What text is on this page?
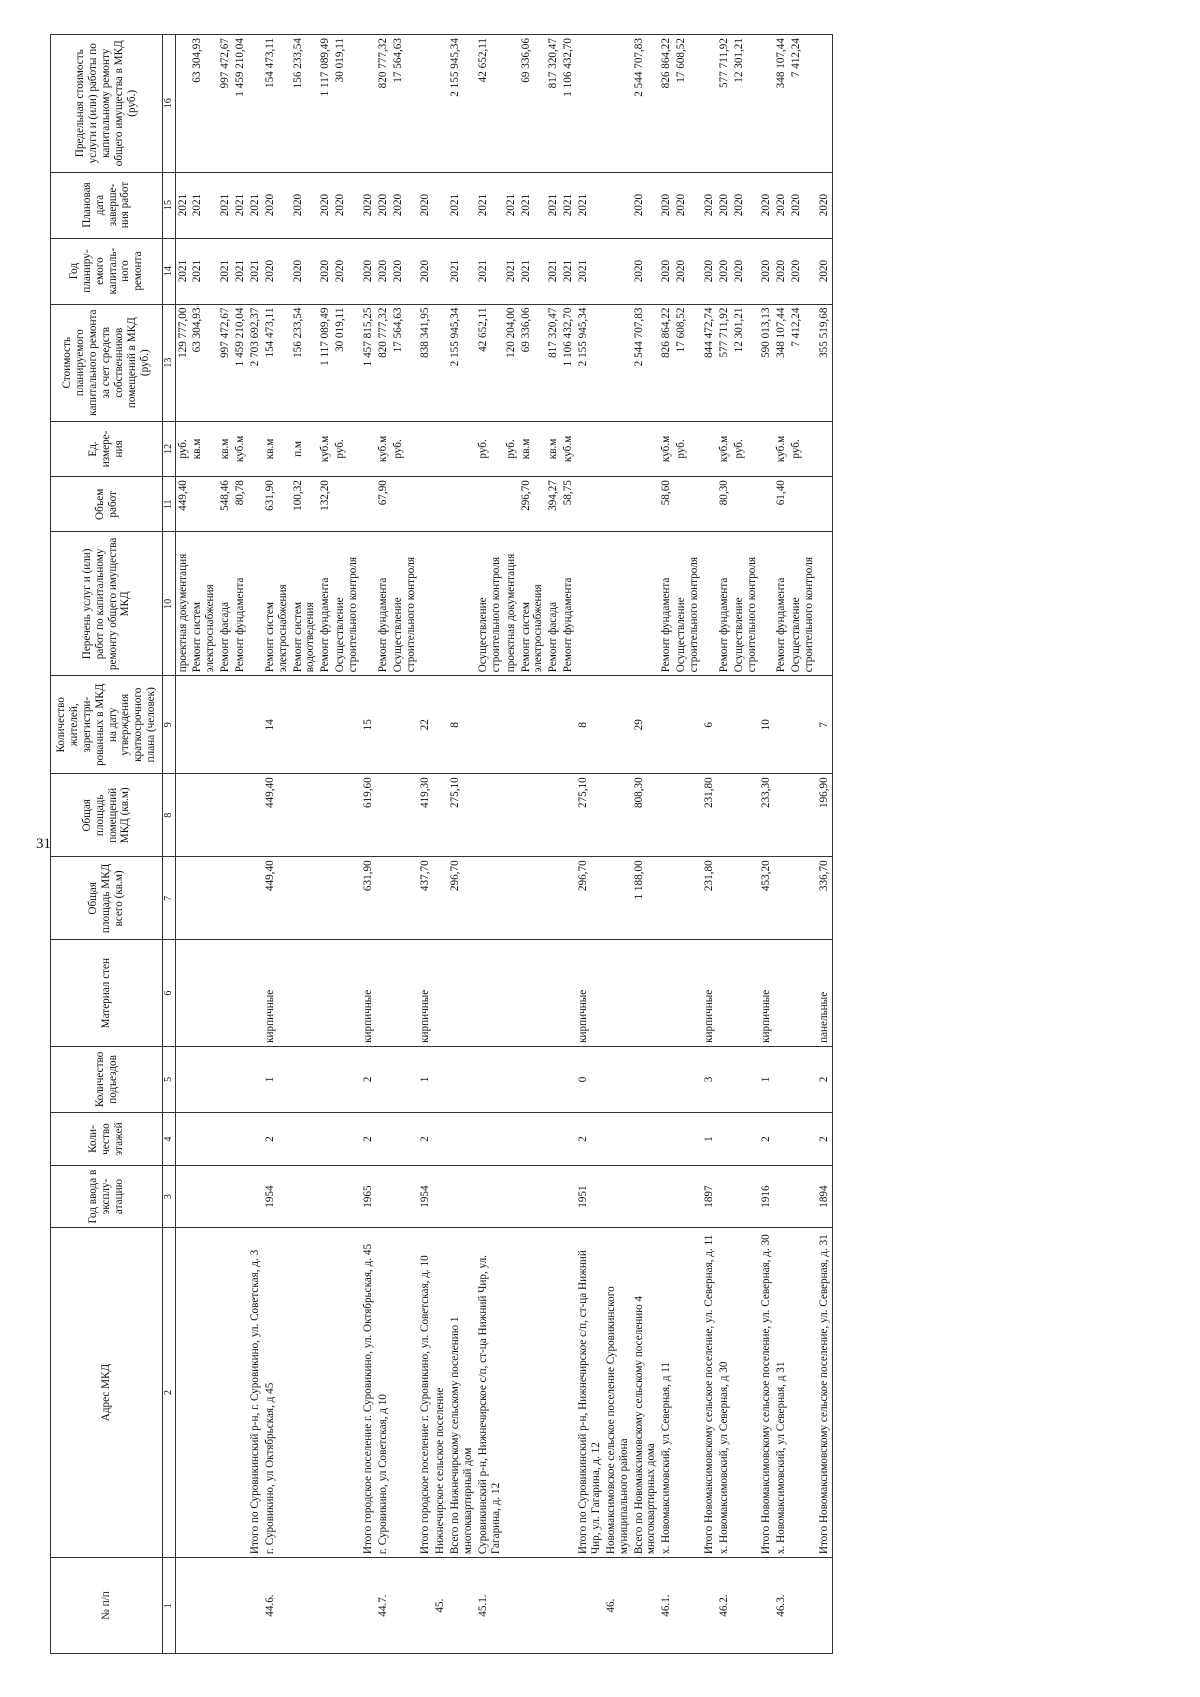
31
№ п/п	Адрес МКД	Год ввода в эксплу-атацию	Коли-чество этажей	Количество подъездов	Материал стен	Общая площадь МКД всего (кв.м)	Общая площадь помещений МКД (кв.м)	Количество жителей, зарегистри-рованных в МКД на дату утверждения краткосрочного плана (человек)	Перечень услуг и (или) работ по капитальному ремонту общего имущества МКД	Объем работ	Ед. измере-ния	Стоимость планируемого капитального ремонта за счет средств собственников помещений в МКД (руб.)	Год планиру-емого капиталь-ного ремонта	Плановая дата заверше-ния работ	Предельная стоимость услуги и (или) работы по капитальному ремонту общего имущества в МКД (руб.)
1	2	3	4	5	6	7	8	9	10	11	12	13	14	15	16
									проектная документация	449,40	руб.	129 777,00	2021	2021	
									Ремонт систем электроснабжения		кв.м	63 304,93	2021	2021	63 304,93
									Ремонт фасада	548,46	кв.м	997 472,67	2021	2021	997 472,67
									Ремонт фундамента	80,78	куб.м	1 459 210,04	2021	2021	1 459 210,04
	Итого по Суровикинский р-н, г. Суровикино, ул. Советская, д. 3											2 703 692,37	2021	2021	
44.6.	г. Суровикино, ул Октябрьская, д 45	1954	2	1	кирпичные	449,40	449,40	14	Ремонт систем электроснабжения	631,90	кв.м	154 473,11	2020	2020	154 473,11
									Ремонт систем водоотведения	100,32	п.м	156 233,54	2020	2020	156 233,54
									Ремонт фундамента	132,20	куб.м	1 117 089,49	2020	2020	1 117 089,49
									Осуществление строительного контроля		руб.	30 019,11	2020	2020	30 019,11
	Итого городское поселение г. Суровикино, ул. Октябрьская, д. 45	1965	2	2	кирпичные	631,90	619,60	15				1 457 815,25	2020	2020	
44.7.	г. Суровикино, ул Советская, д 10								Ремонт фундамента	67,90	куб.м	820 777,32	2020	2020	820 777,32
									Осуществление строительного контроля		руб.	17 564,63	2020	2020	17 564,63
	Итого городское поселение г. Суровикино, ул. Советская, д. 10	1954	2	1	кирпичные	437,70	419,30	22				838 341,95	2020	2020	
45.	Нижнечирское сельское поселение														
	Всего по Нижнечирскому сельскому поселению 1 многоквартирный дом					296,70	275,10	8				2 155 945,34	2021	2021	2 155 945,34
45.1.	Суровикинский р-н, Нижнечирское с/п, ст-ца Нижний Чир, ул. Гагарина, д. 12								Осуществление строительного контроля		руб.	42 652,11	2021	2021	42 652,11
									проектная документация		руб.	120 204,00	2021	2021	
									Ремонт систем электроснабжения	296,70	кв.м	69 336,06	2021	2021	69 336,06
									Ремонт фасада	394,27	кв.м	817 320,47	2021	2021	817 320,47
									Ремонт фундамента	58,75	куб.м	1 106 432,70	2021	2021	1 106 432,70
	Итого по Суровикинский р-н, Нижнечирское с/п, ст-ца Нижний Чир, ул. Гагарина, д. 12	1951	2	0	кирпичные	296,70	275,10	8				2 155 945,34	2021	2021	
46.	Новомаксимовское сельское поселение Суровикинского муниципального района														
	Всего по Новомаксимовскому сельскому поселению 4 многоквартирных дома					1 188,00	808,30	29				2 544 707,83	2020	2020	2 544 707,83
46.1.	х. Новомаксимовский, ул Северная, д 11								Ремонт фундамента	58,60	куб.м	826 864,22	2020	2020	826 864,22
									Осуществление строительного контроля		руб.	17 608,52	2020	2020	17 608,52
	Итого Новомаксимовскому сельское поселение, ул. Северная, д. 11	1897	1	3	кирпичные	231,80	231,80	6				844 472,74	2020	2020	
46.2.	х. Новомаксимовский, ул Северная, д 30								Ремонт фундамента	80,30	куб.м	577 711,92	2020	2020	577 711,92
									Осуществление строительного контроля		руб.	12 301,21	2020	2020	12 301,21
	Итого Новомаксимовскому сельское поселение, ул. Северная, д. 30	1916	2	1	кирпичные	453,20	233,30	10				590 013,13	2020	2020	
46.3.	х. Новомаксимовский, ул Северная, д 31								Ремонт фундамента	61,40	куб.м	348 107,44	2020	2020	348 107,44
									Осуществление строительного контроля		руб.	7 412,24	2020	2020	7 412,24
	Итого Новомаксимовскому сельское поселение, ул. Северная, д. 31	1894	2	2	панельные	336,70	196,90	7				355 519,68	2020	2020	
